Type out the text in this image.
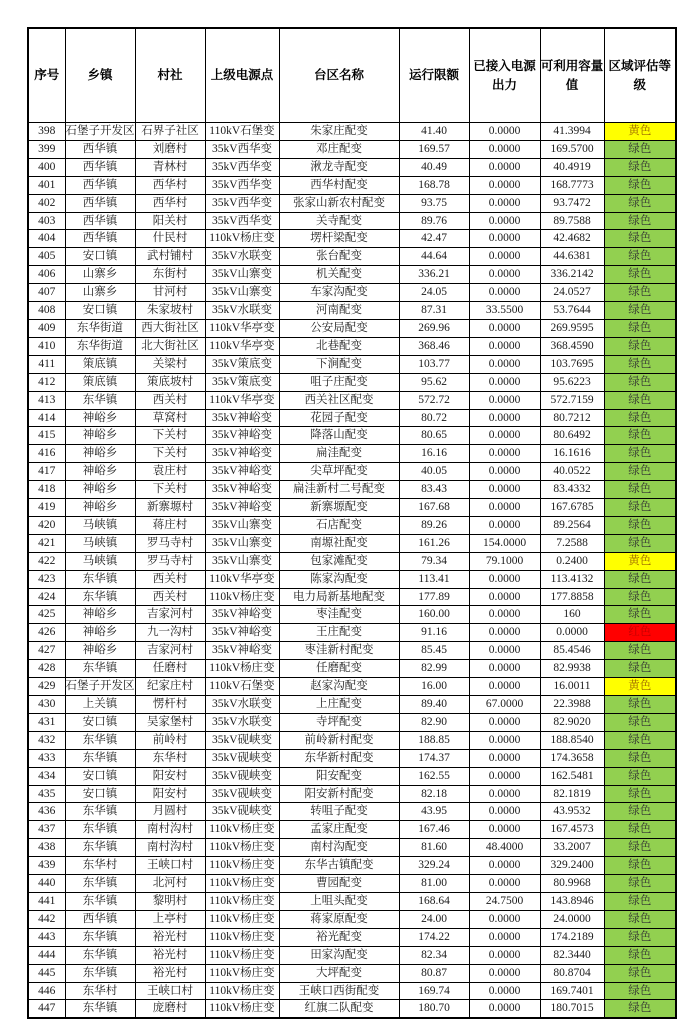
序号	乡镇	村社	上级电源点	台区名称	运行限额	已接入电源出力	可利用容量值	区域评估等级
398	石堡子开发区	石界子社区	110kV石堡变	朱家庄配变	41.40	0.0000	41.3994	黄色
399	西华镇	刘磨村	35kV西华变	邓庄配变	169.57	0.0000	169.5700	绿色
400	西华镇	青林村	35kV西华变	湫龙寺配变	40.49	0.0000	40.4919	绿色
401	西华镇	西华村	35kV西华变	西华村配变	168.78	0.0000	168.7773	绿色
402	西华镇	西华村	35kV西华变	张家山新农村配变	93.75	0.0000	93.7472	绿色
403	西华镇	阳关村	35kV西华变	关寺配变	89.76	0.0000	89.7588	绿色
404	西华镇	什民村	110kV杨庄变	塄杆梁配变	42.47	0.0000	42.4682	绿色
405	安口镇	武村铺村	35kV水联变	张台配变	44.64	0.0000	44.6381	绿色
406	山寨乡	东街村	35kV山寨变	机关配变	336.21	0.0000	336.2142	绿色
407	山寨乡	甘河村	35kV山寨变	车家沟配变	24.05	0.0000	24.0527	绿色
408	安口镇	朱家坡村	35kV水联变	河南配变	87.31	33.5500	53.7644	绿色
409	东华街道	西大街社区	110kV华亭变	公安局配变	269.96	0.0000	269.9595	绿色
410	东华街道	北大街社区	110kV华亭变	北巷配变	368.46	0.0000	368.4590	绿色
411	策底镇	关梁村	35kV策底变	下涧配变	103.77	0.0000	103.7695	绿色
412	策底镇	策底坡村	35kV策底变	咀子庄配变	95.62	0.0000	95.6223	绿色
413	东华镇	西关村	110kV华亭变	西关社区配变	572.72	0.0000	572.7159	绿色
414	神峪乡	草窝村	35kV神峪变	花园子配变	80.72	0.0000	80.7212	绿色
415	神峪乡	下关村	35kV神峪变	降落山配变	80.65	0.0000	80.6492	绿色
416	神峪乡	下关村	35kV神峪变	扁洼配变	16.16	0.0000	16.1616	绿色
417	神峪乡	袁庄村	35kV神峪变	尖草坪配变	40.05	0.0000	40.0522	绿色
418	神峪乡	下关村	35kV神峪变	扁洼新村二号配变	83.43	0.0000	83.4332	绿色
419	神峪乡	新寨塬村	35kV神峪变	新寨塬配变	167.68	0.0000	167.6785	绿色
420	马峡镇	蒋庄村	35kV山寨变	石店配变	89.26	0.0000	89.2564	绿色
421	马峡镇	罗马寺村	35kV山寨变	南塬社配变	161.26	154.0000	7.2588	绿色
422	马峡镇	罗马寺村	35kV山寨变	包家滩配变	79.34	79.1000	0.2400	黄色
423	东华镇	西关村	110kV华亭变	陈家沟配变	113.41	0.0000	113.4132	绿色
424	东华镇	西关村	110kV杨庄变	电力局新基地配变	177.89	0.0000	177.8858	绿色
425	神峪乡	吉家河村	35kV神峪变	枣洼配变	160.00	0.0000	160	绿色
426	神峪乡	九一沟村	35kV神峪变	王庄配变	91.16	0.0000	0.0000	红色
427	神峪乡	吉家河村	35kV神峪变	枣洼新村配变	85.45	0.0000	85.4546	绿色
428	东华镇	任磨村	110kV杨庄变	任磨配变	82.99	0.0000	82.9938	绿色
429	石堡子开发区	纪家庄村	110kV石堡变	赵家沟配变	16.00	0.0000	16.0011	黄色
430	上关镇	愣杆村	35kV水联变	上庄配变	89.40	67.0000	22.3988	绿色
431	安口镇	吴家堡村	35kV水联变	寺坪配变	82.90	0.0000	82.9020	绿色
432	东华镇	前岭村	35kV砚峡变	前岭新村配变	188.85	0.0000	188.8540	绿色
433	东华镇	东华村	35kV砚峡变	东华新村配变	174.37	0.0000	174.3658	绿色
434	安口镇	阳安村	35kV砚峡变	阳安配变	162.55	0.0000	162.5481	绿色
435	安口镇	阳安村	35kV砚峡变	阳安新村配变	82.18	0.0000	82.1819	绿色
436	东华镇	月圆村	35kV砚峡变	转咀子配变	43.95	0.0000	43.9532	绿色
437	东华镇	南村沟村	110kV杨庄变	孟家庄配变	167.46	0.0000	167.4573	绿色
438	东华镇	南村沟村	110kV杨庄变	南村沟配变	81.60	48.4000	33.2007	绿色
439	东华村	王峡口村	110kV杨庄变	东华古镇配变	329.24	0.0000	329.2400	绿色
440	东华镇	北河村	110kV杨庄变	曹园配变	81.00	0.0000	80.9968	绿色
441	东华镇	黎明村	110kV杨庄变	上咀头配变	168.64	24.7500	143.8946	绿色
442	西华镇	上亭村	110kV杨庄变	蒋家原配变	24.00	0.0000	24.0000	绿色
443	东华镇	裕光村	110kV杨庄变	裕光配变	174.22	0.0000	174.2189	绿色
444	东华镇	裕光村	110kV杨庄变	田家沟配变	82.34	0.0000	82.3440	绿色
445	东华镇	裕光村	110kV杨庄变	大坪配变	80.87	0.0000	80.8704	绿色
446	东华村	王峡口村	110kV杨庄变	王峡口西街配变	169.74	0.0000	169.7401	绿色
447	东华镇	庞磨村	110kV杨庄变	红旗二队配变	180.70	0.0000	180.7015	绿色
